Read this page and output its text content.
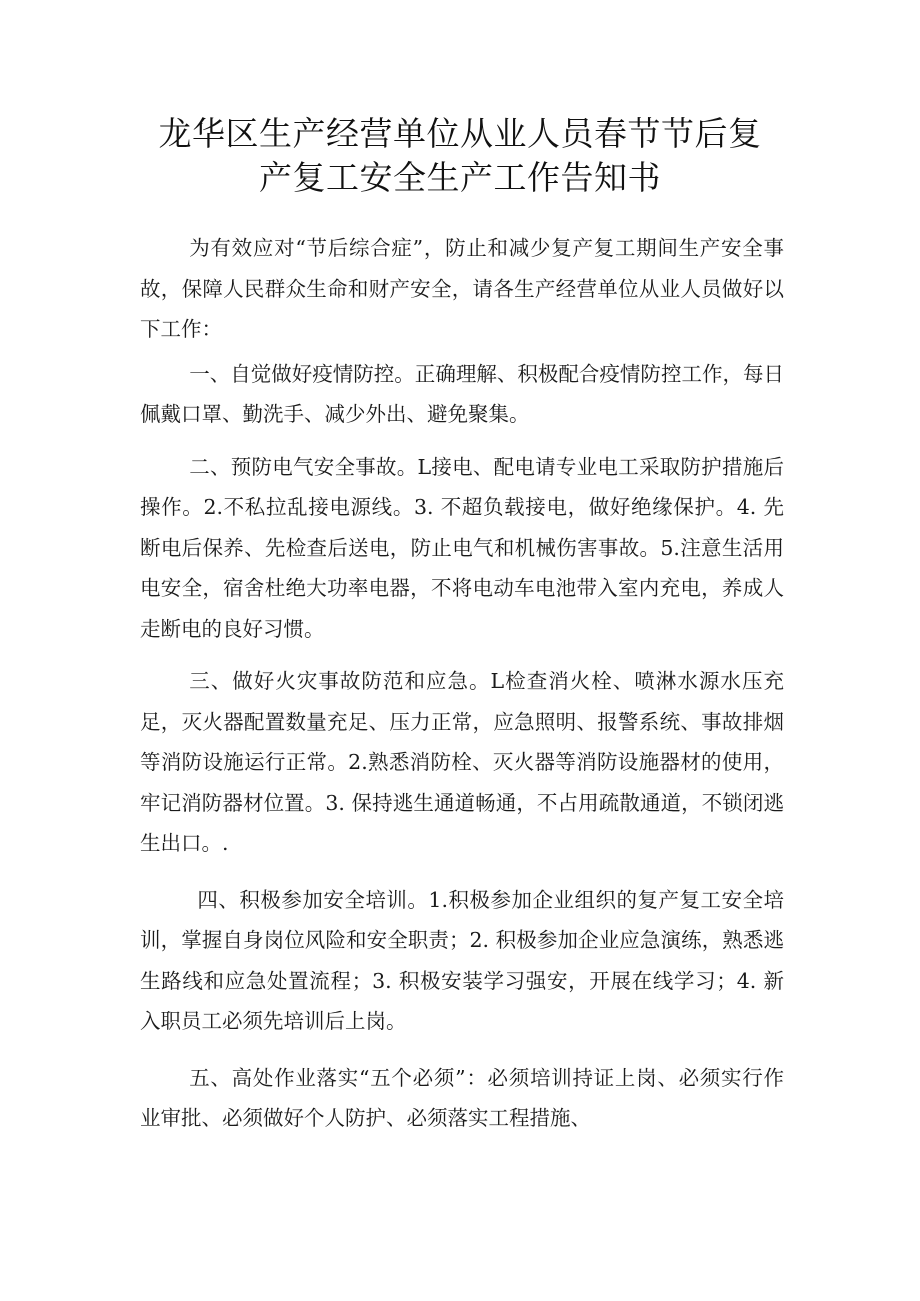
龙华区生产经营单位从业人员春节节后复
产复工安全生产工作告知书

为有效应对“节后综合症”，防止和减少复产复工期间生产安全事故，保障人民群众生命和财产安全，请各生产经营单位从业人员做好以下工作：

一、自觉做好疫情防控。正确理解、积极配合疫情防控工作，每日佩戴口罩、勤洗手、减少外出、避免聚集。

二、预防电气安全事故。L接电、配电请专业电工采取防护措施后操作。2.不私拉乱接电源线。3. 不超负载接电，做好绝缘保护。4. 先断电后保养、先检查后送电，防止电气和机械伤害事故。5.注意生活用电安全，宿舍杜绝大功率电器，不将电动车电池带入室内充电，养成人走断电的良好习惯。

三、做好火灾事故防范和应急。L检查消火栓、喷淋水源水压充足，灭火器配置数量充足、压力正常，应急照明、报警系统、事故排烟等消防设施运行正常。2.熟悉消防栓、灭火器等消防设施器材的使用，牢记消防器材位置。3. 保持逃生通道畅通，不占用疏散通道，不锁闭逃生出口。.

四、积极参加安全培训。1.积极参加企业组织的复产复工安全培训，掌握自身岗位风险和安全职责；2. 积极参加企业应急演练，熟悉逃生路线和应急处置流程；3. 积极安装学习强安，开展在线学习；4. 新入职员工必须先培训后上岗。

五、高处作业落实“五个必须”：必须培训持证上岗、必须实行作业审批、必须做好个人防护、必须落实工程措施、
